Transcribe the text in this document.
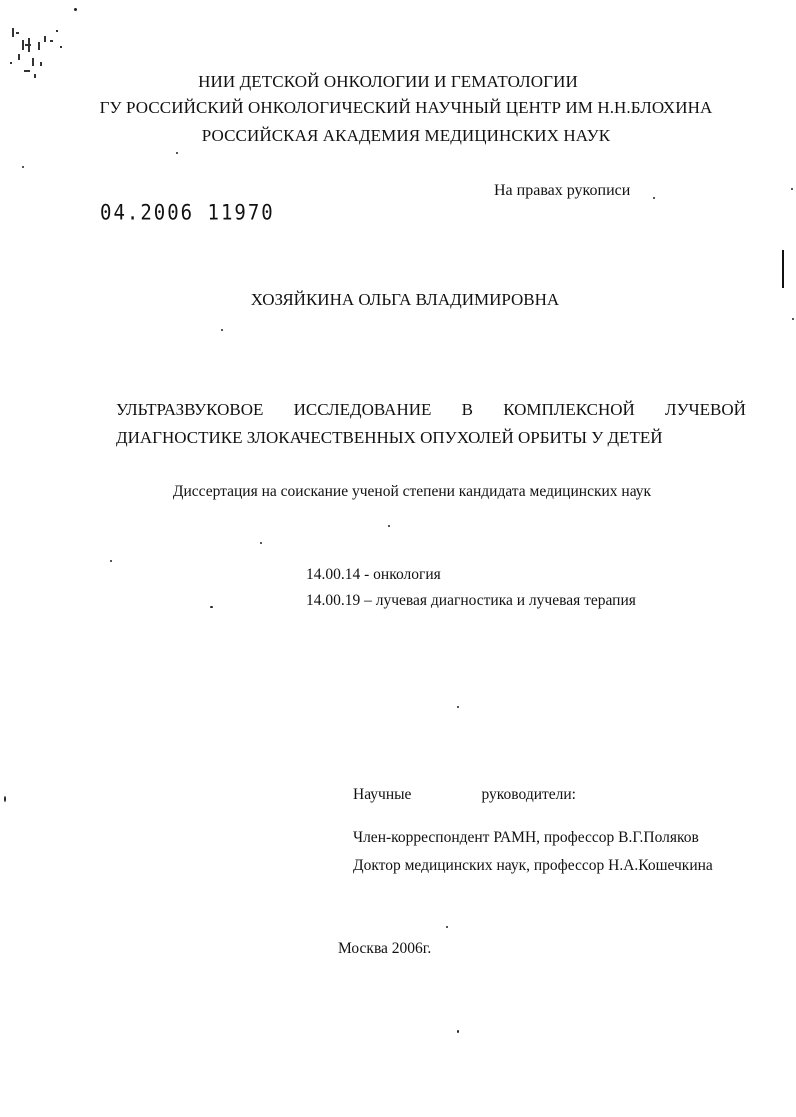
НИИ ДЕТСКОЙ ОНКОЛОГИИ И ГЕМАТОЛОГИИ
ГУ РОССИЙСКИЙ ОНКОЛОГИЧЕСКИЙ НАУЧНЫЙ ЦЕНТР ИМ Н.Н.БЛОХИНА
РОССИЙСКАЯ АКАДЕМИЯ МЕДИЦИНСКИХ НАУК
На правах рукописи
04.2006 11970
ХОЗЯЙКИНА ОЛЬГА ВЛАДИМИРОВНА
УЛЬТРАЗВУКОВОЕ ИССЛЕДОВАНИЕ В КОМПЛЕКСНОЙ ЛУЧЕВОЙ
ДИАГНОСТИКЕ ЗЛОКАЧЕСТВЕННЫХ ОПУХОЛЕЙ ОРБИТЫ У ДЕТЕЙ
Диссертация на соискание ученой степени кандидата медицинских наук
14.00.14 - онкология
14.00.19 – лучевая диагностика и лучевая терапия
Научные	руководители:
Член-корреспондент РАМН, профессор В.Г.Поляков
Доктор медицинских наук, профессор Н.А.Кошечкина
Москва 2006г.
